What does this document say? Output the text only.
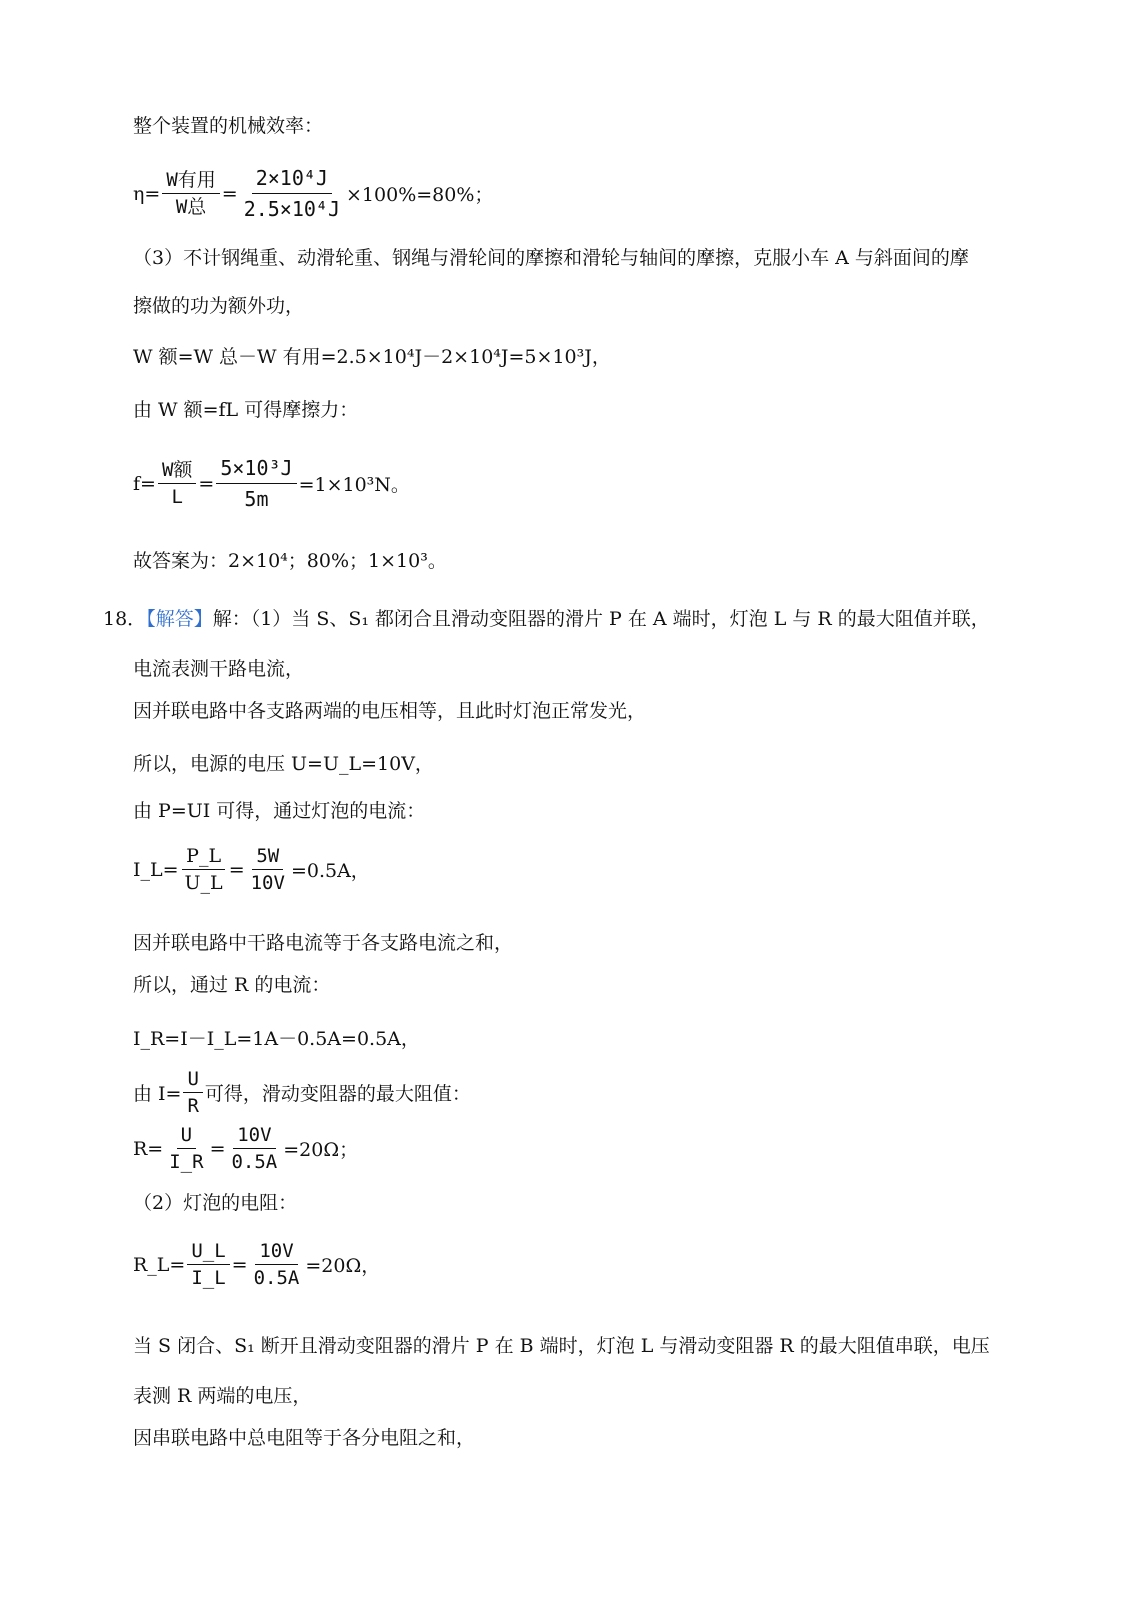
整个装置的机械效率：
$\eta= \frac{\text{W有用}}{\text{W总}} = \frac{\text{2×10⁴J}}{\text{2.5×10⁴J}} \times 100\%=80\%$；
（3）不计钢绳重、动滑轮重、钢绳与滑轮间的摩擦和滑轮与轴间的摩擦，克服小车 A 与斜面间的摩
擦做的功为额外功，
W 额=W 总－W 有用=2.5×10⁴J－2×10⁴J=5×10³J，
由 W 额=fL 可得摩擦力：
$f= \frac{\text{W额}}{L} = \frac{\text{5×10³J}}{5m} =1\times 10^3N$。
故答案为：2×10⁴；80%；1×10³。
18．【解答】解：（1）当 S、S₁ 都闭合且滑动变阻器的滑片 P 在 A 端时，灯泡 L 与 R 的最大阻值并联，
电流表测干路电流，
因并联电路中各支路两端的电压相等，且此时灯泡正常发光，
所以，电源的电压 U=U_L=10V，
由 P=UI 可得，通过灯泡的电流：
I_L= $\frac{P\_L}{U\_L} = \frac{5W}{10V} =0.5A$，
因并联电路中干路电流等于各支路电流之和，
所以，通过 R 的电流：
I_R=I－I_L=1A－0.5A=0.5A，
由 $I= \frac{U}{R}$ 可得，滑动变阻器的最大阻值：
$R= \frac{U}{I\_R} = \frac{10V}{0.5A} =20\Omega$；
（2）灯泡的电阻：
R_L= $\frac{U\_L}{I\_L} = \frac{10V}{0.5A} =20\Omega$，
当 S 闭合、S₁ 断开且滑动变阻器的滑片 P 在 B 端时，灯泡 L 与滑动变阻器 R 的最大阻值串联，电压
表测 R 两端的电压，
因串联电路中总电阻等于各分电阻之和，
